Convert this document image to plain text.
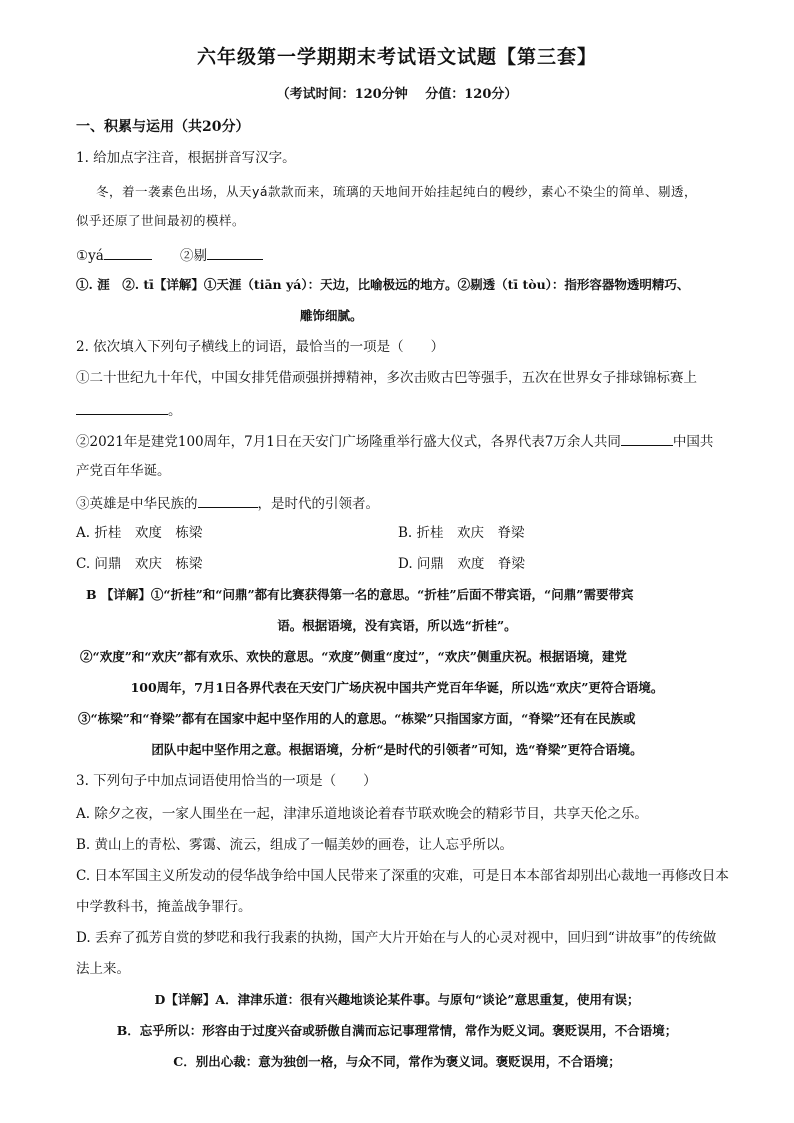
六年级第一学期期末考试语文试题【第三套】
（考试时间：120分钟　 分值：120分）
一、积累与运用（共20分）
1. 给加点字注音，根据拼音写汉字。
冬，着一袭素色出场，从天yá款款而来，琉璃的天地间开始挂起纯白的幔纱，素心不染尘的简单、剔透，
似乎还原了世间最初的模样。
①yá	②剔
①. 涯　②. tī【详解】①天涯（tiān yá）：天边，比喻极远的地方。②剔透（tī tòu）：指形容器物透明精巧、
雕饰细腻。
2. 依次填入下列句子横线上的词语，最恰当的一项是（　　）
①二十世纪九十年代，中国女排凭借顽强拼搏精神，多次击败古巴等强手，五次在世界女子排球锦标赛上
。
②2021年是建党100周年，7月1日在天安门广场隆重举行盛大仪式，各界代表7万余人共同	中国共
产党百年华诞。
③英雄是中华民族的	，是时代的引领者。
A. 折桂　欢度　栋梁	B. 折桂　欢庆　脊梁
C. 问鼎　欢庆　栋梁	D. 问鼎　欢度　脊梁
B 【详解】①“折桂”和“问鼎”都有比赛获得第一名的意思。“折桂”后面不带宾语，“问鼎”需要带宾
语。根据语境，没有宾语，所以选“折桂”。
②“欢度”和“欢庆”都有欢乐、欢快的意思。“欢度”侧重“度过”，“欢庆”侧重庆祝。根据语境，建党
100周年，7月1日各界代表在天安门广场庆祝中国共产党百年华诞，所以选“欢庆”更符合语境。
③“栋梁”和“脊梁”都有在国家中起中坚作用的人的意思。“栋梁”只指国家方面，“脊梁”还有在民族或
团队中起中坚作用之意。根据语境，分析“是时代的引领者”可知，选“脊梁”更符合语境。
3. 下列句子中加点词语使用恰当的一项是（　　）
A. 除夕之夜，一家人围坐在一起，津津乐道地谈论着春节联欢晚会的精彩节目，共享天伦之乐。
B. 黄山上的青松、雾霭、流云，组成了一幅美妙的画卷，让人忘乎所以。
C. 日本军国主义所发动的侵华战争给中国人民带来了深重的灾难，可是日本本部省却别出心裁地一再修改日本
中学教科书，掩盖战争罪行。
D. 丢弃了孤芳自赏的梦呓和我行我素的执拗，国产大片开始在与人的心灵对视中，回归到“讲故事”的传统做
法上来。
D【详解】A．津津乐道：很有兴趣地谈论某件事。与原句“谈论”意思重复，使用有误；
B．忘乎所以：形容由于过度兴奋或骄傲自满而忘记事理常情，常作为贬义词。褒贬误用，不合语境；
C．别出心裁：意为独创一格，与众不同，常作为褒义词。褒贬误用，不合语境；
